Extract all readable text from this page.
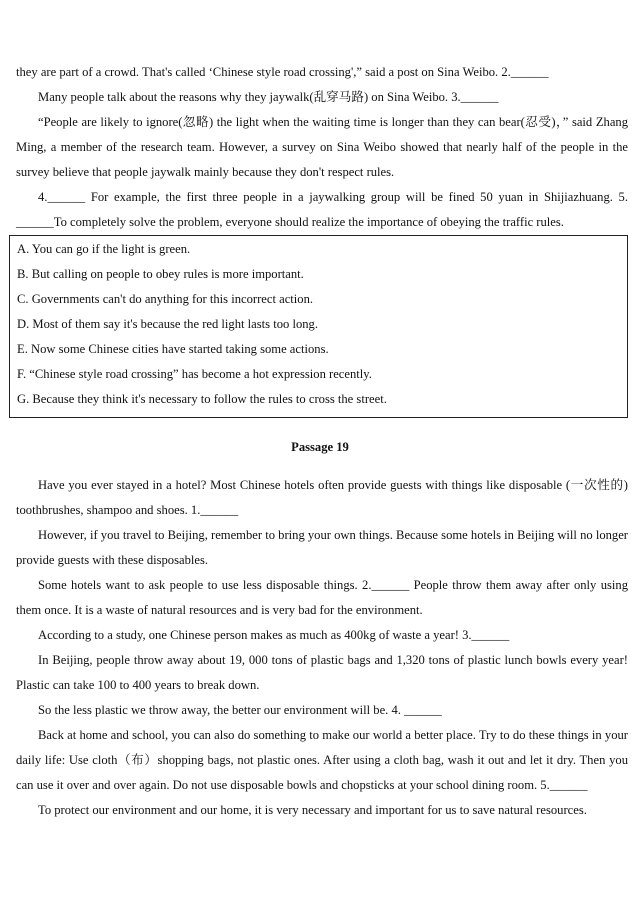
they are part of a crowd. That's called ‘Chinese style road crossing',” said a post on Sina Weibo. 2.______

Many people talk about the reasons why they jaywalk(乱穿马路) on Sina Weibo. 3.______

“People are likely to ignore(忽略) the light when the waiting time is longer than they can bear(忍受)，” said Zhang Ming, a member of the research team. However, a survey on Sina Weibo showed that nearly half of the people in the survey believe that people jaywalk mainly because they don't respect rules.

4.______ For example, the first three people in a jaywalking group will be fined 50 yuan in Shijiazhuang. 5. ______To completely solve the problem, everyone should realize the importance of obeying the traffic rules.

A. You can go if the light is green.
B. But calling on people to obey rules is more important.
C. Governments can't do anything for this incorrect action.
D. Most of them say it's because the red light lasts too long.
E. Now some Chinese cities have started taking some actions.
F. “Chinese style road crossing” has become a hot expression recently.
G. Because they think it's necessary to follow the rules to cross the street.
Passage 19

Have you ever stayed in a hotel? Most Chinese hotels often provide guests with things like disposable (一次性的) toothbrushes, shampoo and shoes. 1.______

However, if you travel to Beijing, remember to bring your own things. Because some hotels in Beijing will no longer provide guests with these disposables.

Some hotels want to ask people to use less disposable things. 2.______ People throw them away after only using them once. It is a waste of natural resources and is very bad for the environment.

According to a study, one Chinese person makes as much as 400kg of waste a year! 3.______

In Beijing, people throw away about 19, 000 tons of plastic bags and 1,320 tons of plastic lunch bowls every year! Plastic can take 100 to 400 years to break down.

So the less plastic we throw away, the better our environment will be. 4. ______

Back at home and school, you can also do something to make our world a better place. Try to do these things in your daily life: Use cloth（布）shopping bags, not plastic ones. After using a cloth bag, wash it out and let it dry. Then you can use it over and over again. Do not use disposable bowls and chopsticks at your school dining room. 5.______

To protect our environment and our home, it is very necessary and important for us to save natural resources.
